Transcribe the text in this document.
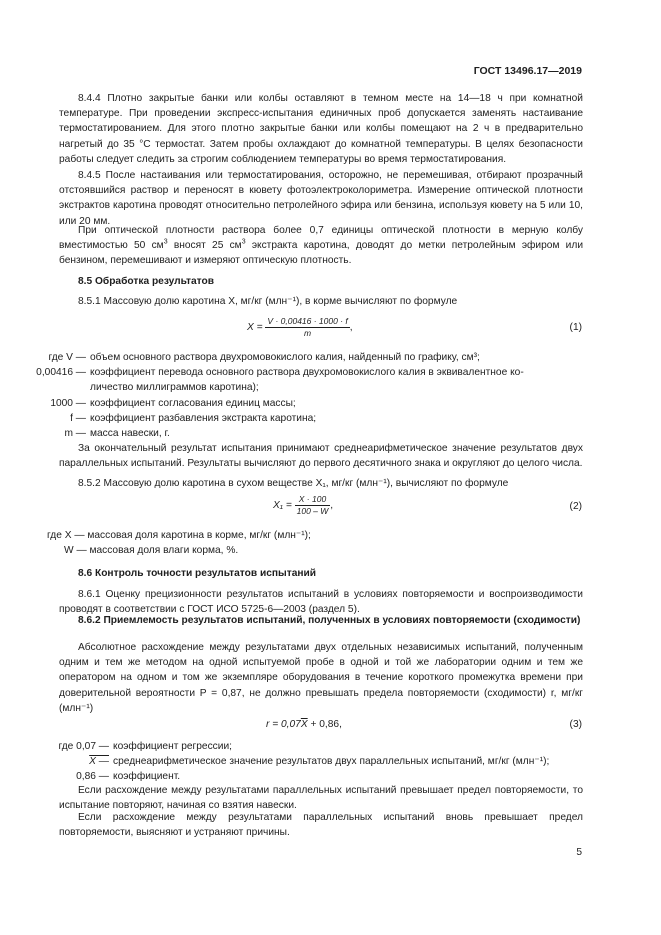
ГОСТ 13496.17—2019

8.4.4 Плотно закрытые банки или колбы оставляют в темном месте на 14—18 ч при комнатной температуре. При проведении экспресс-испытания единичных проб допускается заменять настаивание термостатированием. Для этого плотно закрытые банки или колбы помещают на 2 ч в предварительно нагретый до 35 °С термостат. Затем пробы охлаждают до комнатной температуры. В целях безопасности работы следует следить за строгим соблюдением температуры во время термостатирования.

8.4.5 После настаивания или термостатирования, осторожно, не перемешивая, отбирают прозрачный отстоявшийся раствор и переносят в кювету фотоэлектроколориметра. Измерение оптической плотности экстрактов каротина проводят относительно петролейного эфира или бензина, используя кювету на 5 или 10, или 20 мм.

При оптической плотности раствора более 0,7 единицы оптической плотности в мерную колбу вместимостью 50 $см^3$ вносят 25 $см^3$ экстракта каротина, доводят до метки петролейным эфиром или бензином, перемешивают и измеряют оптическую плотность.

8.5 Обработка результатов

8.5.1 Массовую долю каротина X, мг/кг (млн⁻¹), в корме вычисляют по формуле

$X = \frac{V \cdot 0,00416 \cdot 1000 \cdot f}{m}$ ,	(1)
где V — объем основного раствора двухромовокислого калия, найденный по графику, см³;
0,00416 — коэффициент перевода основного раствора двухромовокислого калия в эквивалентное ко-
личество миллиграммов каротина);
1000 — коэффициент согласования единиц массы;
f — коэффициент разбавления экстракта каротина;
m — масса навески, г.

За окончательный результат испытания принимают среднеарифметическое значение результатов двух параллельных испытаний. Результаты вычисляют до первого десятичного знака и округляют до целого числа.

8.5.2 Массовую долю каротина в сухом веществе X₁, мг/кг (млн⁻¹), вычисляют по формуле

$X_1 = \frac{X \cdot 100}{100 - W}$ ,	(2)
где X — массовая доля каротина в корме, мг/кг (млн⁻¹);
W — массовая доля влаги корма, %.

8.6 Контроль точности результатов испытаний

8.6.1 Оценку прецизионности результатов испытаний в условиях повторяемости и воспроизводимости проводят в соответствии с ГОСТ ИСО 5725-6—2003 (раздел 5).

8.6.2 Приемлемость результатов испытаний, полученных в условиях повторяемости (сходимости)

Абсолютное расхождение между результатами двух отдельных независимых испытаний, полученным одним и тем же методом на одной испытуемой пробе в одной и той же лаборатории одним и тем же оператором на одном и том же экземпляре оборудования в течение короткого промежутка времени при доверительной вероятности P = 0,87, не должно превышать предела повторяемости (сходимости) r, мг/кг (млн⁻¹)

$r = 0,07\overline{X} + 0,86$,	(3)
где 0,07 — коэффициент регрессии;
X — среднеарифметическое значение результатов двух параллельных испытаний, мг/кг (млн⁻¹);
0,86 — коэффициент.

Если расхождение между результатами параллельных испытаний превышает предел повторяемости, то испытание повторяют, начиная со взятия навески.

Если расхождение между результатами параллельных испытаний вновь превышает предел повторяемости, выясняют и устраняют причины.

5
